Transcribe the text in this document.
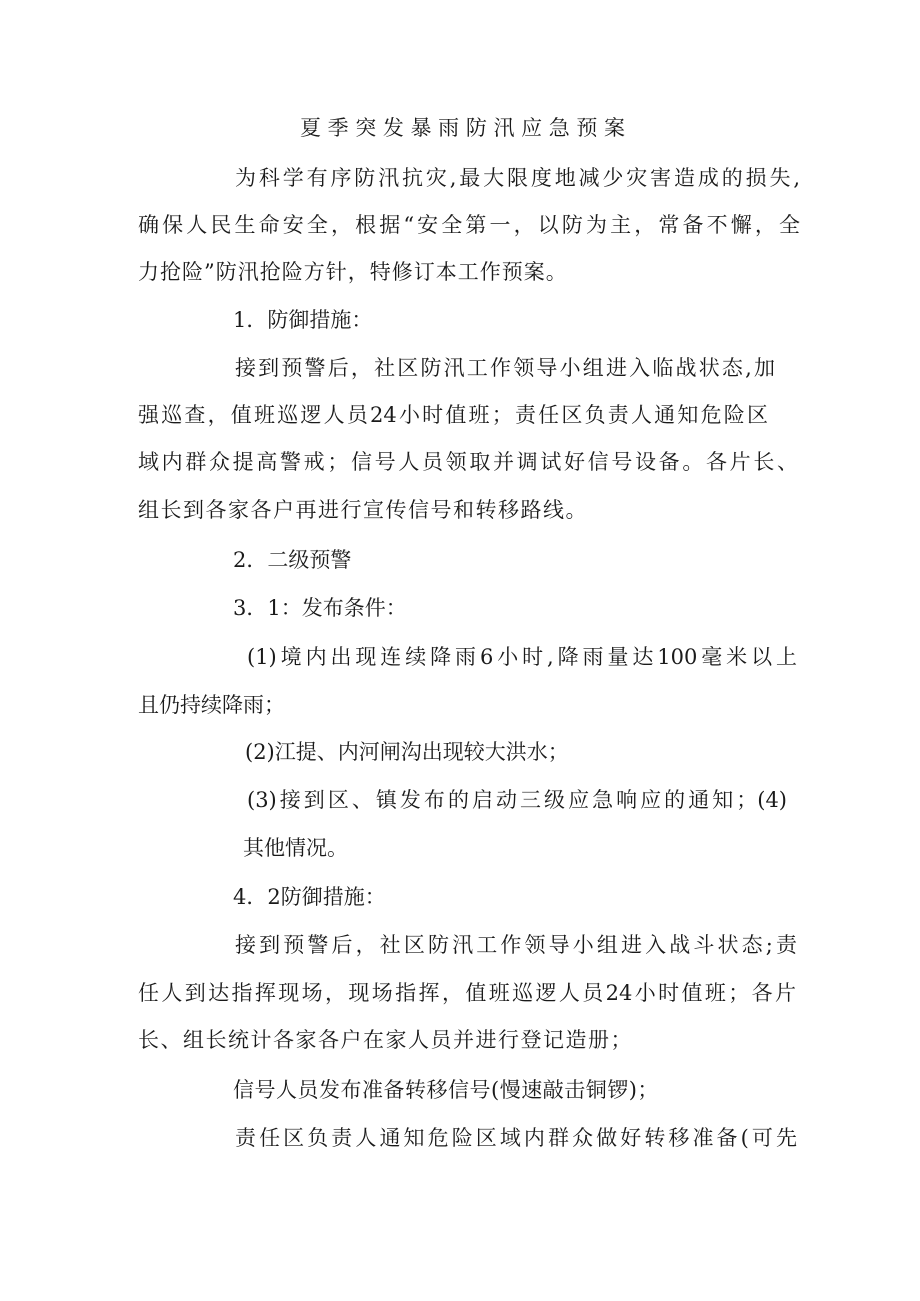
夏季突发暴雨防汛应急预案
为科学有序防汛抗灾,最大限度地减少灾害造成的损失,
确保人民生命安全，根据“安全第一，以防为主，常备不懈，全
力抢险”防汛抢险方针，特修订本工作预案。
1．防御措施：
接到预警后，社区防汛工作领导小组进入临战状态,加
强巡查，值班巡逻人员24小时值班；责任区负责人通知危险区
域内群众提高警戒；信号人员领取并调试好信号设备。各片长、
组长到各家各户再进行宣传信号和转移路线。
2．二级预警
3．1：发布条件：
(1)境内出现连续降雨6小时,降雨量达100毫米以上
且仍持续降雨；
(2)江提、内河闸沟出现较大洪水；
(3)接到区、镇发布的启动三级应急响应的通知；(4)
其他情况。
4．2防御措施：
接到预警后，社区防汛工作领导小组进入战斗状态;责
任人到达指挥现场，现场指挥，值班巡逻人员24小时值班；各片
长、组长统计各家各户在家人员并进行登记造册；
信号人员发布准备转移信号(慢速敲击铜锣)；
责任区负责人通知危险区域内群众做好转移准备(可先
